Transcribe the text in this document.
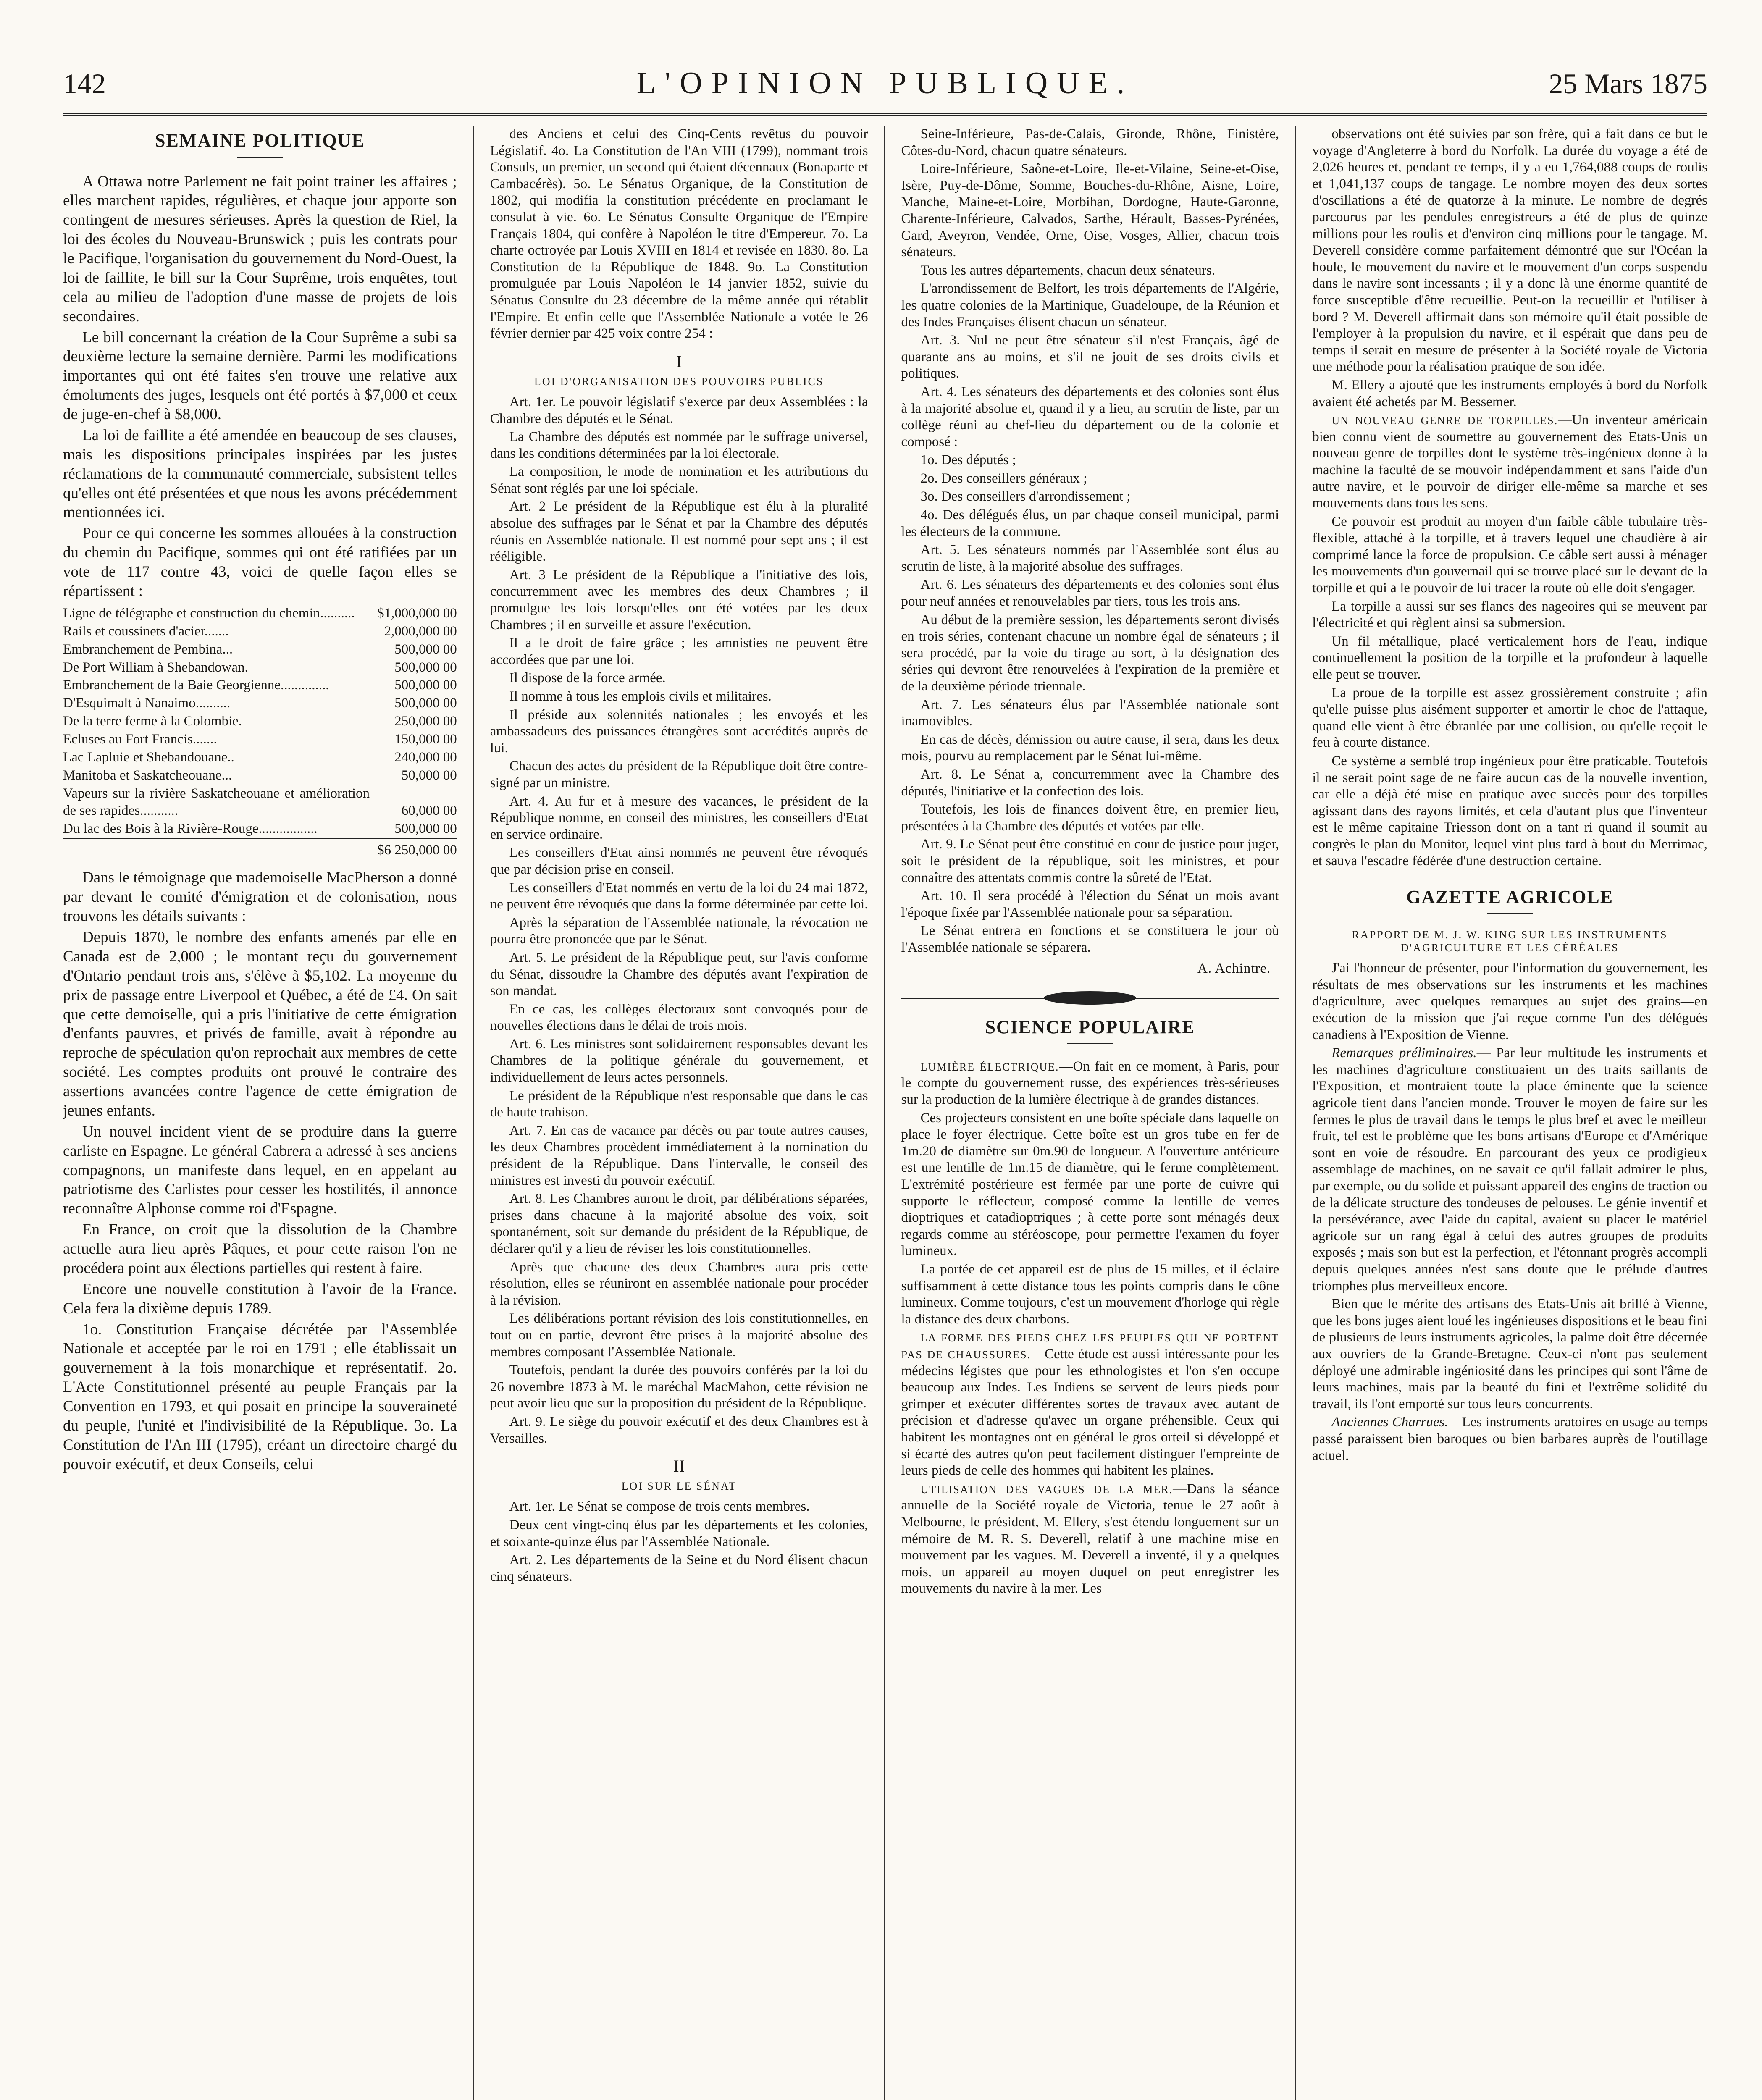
142	L'OPINION PUBLIQUE.	25 Mars 1875
SEMAINE POLITIQUE

A Ottawa notre Parlement ne fait point trainer les affaires ; elles marchent rapides, régulières, et chaque jour apporte son contingent de mesures sérieuses. Après la question de Riel, la loi des écoles du Nouveau-Brunswick ; puis les contrats pour le Pacifique, l'organisation du gouvernement du Nord-Ouest, la loi de faillite, le bill sur la Cour Suprême, trois enquêtes, tout cela au milieu de l'adoption d'une masse de projets de lois secondaires.

Le bill concernant la création de la Cour Suprême a subi sa deuxième lecture la semaine dernière. Parmi les modifications importantes qui ont été faites s'en trouve une relative aux émoluments des juges, lesquels ont été portés à $7,000 et ceux de juge-en-chef à $8,000.

La loi de faillite a été amendée en beaucoup de ses clauses, mais les dispositions principales inspirées par les justes réclamations de la communauté commerciale, subsistent telles qu'elles ont été présentées et que nous les avons précédemment mentionnées ici.

Pour ce qui concerne les sommes allouées à la construction du chemin du Pacifique, sommes qui ont été ratifiées par un vote de 117 contre 43, voici de quelle façon elles se répartissent :

Ligne de télégraphe et construction du chemin..........	$1,000,000 00
Rails et coussinets d'acier.......	2,000,000 00
Embranchement de Pembina...	500,000 00
De Port William à Shebandowan.	500,000 00
Embranchement de la Baie Georgienne..............	500,000 00
D'Esquimalt à Nanaimo..........	500,000 00
De la terre ferme à la Colombie.	250,000 00
Ecluses au Fort Francis.......	150,000 00
Lac Lapluie et Shebandouane..	240,000 00
Manitoba et Saskatcheouane...	50,000 00
Vapeurs sur la rivière Saskatcheouane et amélioration de ses rapides...........	60,000 00
Du lac des Bois à la Rivière-Rouge.................	500,000 00
	$6 250,000 00

Dans le témoignage que mademoiselle MacPherson a donné par devant le comité d'émigration et de colonisation, nous trouvons les détails suivants :

Depuis 1870, le nombre des enfants amenés par elle en Canada est de 2,000 ; le montant reçu du gouvernement d'Ontario pendant trois ans, s'élève à $5,102. La moyenne du prix de passage entre Liverpool et Québec, a été de £4. On sait que cette demoiselle, qui a pris l'initiative de cette émigration d'enfants pauvres, et privés de famille, avait à répondre au reproche de spéculation qu'on reprochait aux membres de cette société. Les comptes produits ont prouvé le contraire des assertions avancées contre l'agence de cette émigration de jeunes enfants.

Un nouvel incident vient de se produire dans la guerre carliste en Espagne. Le général Cabrera a adressé à ses anciens compagnons, un manifeste dans lequel, en en appelant au patriotisme des Carlistes pour cesser les hostilités, il annonce reconnaître Alphonse comme roi d'Espagne.

En France, on croit que la dissolution de la Chambre actuelle aura lieu après Pâques, et pour cette raison l'on ne procédera point aux élections partielles qui restent à faire.

Encore une nouvelle constitution à l'avoir de la France. Cela fera la dixième depuis 1789.

1o. Constitution Française décrétée par l'Assemblée Nationale et acceptée par le roi en 1791 ; elle établissait un gouvernement à la fois monarchique et représentatif. 2o. L'Acte Constitutionnel présenté au peuple Français par la Convention en 1793, et qui posait en principe la souveraineté du peuple, l'unité et l'indivisibilité de la République. 3o. La Constitution de l'An III (1795), créant un directoire chargé du pouvoir exécutif, et deux Conseils, celui

des Anciens et celui des Cinq-Cents revêtus du pouvoir Législatif. 4o. La Constitution de l'An VIII (1799), nommant trois Consuls, un premier, un second qui étaient décennaux (Bonaparte et Cambacérès). 5o. Le Sénatus Organique, de la Constitution de 1802, qui modifia la constitution précédente en proclamant le consulat à vie. 6o. Le Sénatus Consulte Organique de l'Empire Français 1804, qui confère à Napoléon le titre d'Empereur. 7o. La charte octroyée par Louis XVIII en 1814 et revisée en 1830. 8o. La Constitution de la République de 1848. 9o. La Constitution promulguée par Louis Napoléon le 14 janvier 1852, suivie du Sénatus Consulte du 23 décembre de la même année qui rétablit l'Empire. Et enfin celle que l'Assemblée Nationale a votée le 26 février dernier par 425 voix contre 254 :

I
LOI D'ORGANISATION DES POUVOIRS PUBLICS

Art. 1er. Le pouvoir législatif s'exerce par deux Assemblées : la Chambre des députés et le Sénat.

La Chambre des députés est nommée par le suffrage universel, dans les conditions déterminées par la loi électorale.

La composition, le mode de nomination et les attributions du Sénat sont réglés par une loi spéciale.

Art. 2 Le président de la République est élu à la pluralité absolue des suffrages par le Sénat et par la Chambre des députés réunis en Assemblée nationale. Il est nommé pour sept ans ; il est rééligible.

Art. 3 Le président de la République a l'initiative des lois, concurremment avec les membres des deux Chambres ; il promulgue les lois lorsqu'elles ont été votées par les deux Chambres ; il en surveille et assure l'exécution.

Il a le droit de faire grâce ; les amnisties ne peuvent être accordées que par une loi.

Il dispose de la force armée.

Il nomme à tous les emplois civils et militaires.

Il préside aux solennités nationales ; les envoyés et les ambassadeurs des puissances étrangères sont accrédités auprès de lui.

Chacun des actes du président de la République doit être contre-signé par un ministre.

Art. 4. Au fur et à mesure des vacances, le président de la République nomme, en conseil des ministres, les conseillers d'Etat en service ordinaire.

Les conseillers d'Etat ainsi nommés ne peuvent être révoqués que par décision prise en conseil.

Les conseillers d'Etat nommés en vertu de la loi du 24 mai 1872, ne peuvent être révoqués que dans la forme déterminée par cette loi.

Après la séparation de l'Assemblée nationale, la révocation ne pourra être prononcée que par le Sénat.

Art. 5. Le président de la République peut, sur l'avis conforme du Sénat, dissoudre la Chambre des députés avant l'expiration de son mandat.

En ce cas, les collèges électoraux sont convoqués pour de nouvelles élections dans le délai de trois mois.

Art. 6. Les ministres sont solidairement responsables devant les Chambres de la politique générale du gouvernement, et individuellement de leurs actes personnels.

Le président de la République n'est responsable que dans le cas de haute trahison.

Art. 7. En cas de vacance par décès ou par toute autres causes, les deux Chambres procèdent immédiatement à la nomination du président de la République. Dans l'intervalle, le conseil des ministres est investi du pouvoir exécutif.

Art. 8. Les Chambres auront le droit, par délibérations séparées, prises dans chacune à la majorité absolue des voix, soit spontanément, soit sur demande du président de la République, de déclarer qu'il y a lieu de réviser les lois constitutionnelles.

Après que chacune des deux Chambres aura pris cette résolution, elles se réuniront en assemblée nationale pour procéder à la révision.

Les délibérations portant révision des lois constitutionnelles, en tout ou en partie, devront être prises à la majorité absolue des membres composant l'Assemblée Nationale.

Toutefois, pendant la durée des pouvoirs conférés par la loi du 26 novembre 1873 à M. le maréchal MacMahon, cette révision ne peut avoir lieu que sur la proposition du président de la République.

Art. 9. Le siège du pouvoir exécutif et des deux Chambres est à Versailles.

II
LOI SUR LE SÉNAT

Art. 1er. Le Sénat se compose de trois cents membres.

Deux cent vingt-cinq élus par les départements et les colonies, et soixante-quinze élus par l'Assemblée Nationale.

Art. 2. Les départements de la Seine et du Nord élisent chacun cinq sénateurs.

Seine-Inférieure, Pas-de-Calais, Gironde, Rhône, Finistère, Côtes-du-Nord, chacun quatre sénateurs.

Loire-Inférieure, Saône-et-Loire, Ile-et-Vilaine, Seine-et-Oise, Isère, Puy-de-Dôme, Somme, Bouches-du-Rhône, Aisne, Loire, Manche, Maine-et-Loire, Morbihan, Dordogne, Haute-Garonne, Charente-Inférieure, Calvados, Sarthe, Hérault, Basses-Pyrénées, Gard, Aveyron, Vendée, Orne, Oise, Vosges, Allier, chacun trois sénateurs.

Tous les autres départements, chacun deux sénateurs.

L'arrondissement de Belfort, les trois départements de l'Algérie, les quatre colonies de la Martinique, Guadeloupe, de la Réunion et des Indes Françaises élisent chacun un sénateur.

Art. 3. Nul ne peut être sénateur s'il n'est Français, âgé de quarante ans au moins, et s'il ne jouit de ses droits civils et politiques.

Art. 4. Les sénateurs des départements et des colonies sont élus à la majorité absolue et, quand il y a lieu, au scrutin de liste, par un collège réuni au chef-lieu du département ou de la colonie et composé :

1o. Des députés ;

2o. Des conseillers généraux ;

3o. Des conseillers d'arrondissement ;

4o. Des délégués élus, un par chaque conseil municipal, parmi les électeurs de la commune.

Art. 5. Les sénateurs nommés par l'Assemblée sont élus au scrutin de liste, à la majorité absolue des suffrages.

Art. 6. Les sénateurs des départements et des colonies sont élus pour neuf années et renouvelables par tiers, tous les trois ans.

Au début de la première session, les départements seront divisés en trois séries, contenant chacune un nombre égal de sénateurs ; il sera procédé, par la voie du tirage au sort, à la désignation des séries qui devront être renouvelées à l'expiration de la première et de la deuxième période triennale.

Art. 7. Les sénateurs élus par l'Assemblée nationale sont inamovibles.

En cas de décès, démission ou autre cause, il sera, dans les deux mois, pourvu au remplacement par le Sénat lui-même.

Art. 8. Le Sénat a, concurremment avec la Chambre des députés, l'initiative et la confection des lois.

Toutefois, les lois de finances doivent être, en premier lieu, présentées à la Chambre des députés et votées par elle.

Art. 9. Le Sénat peut être constitué en cour de justice pour juger, soit le président de la république, soit les ministres, et pour connaître des attentats commis contre la sûreté de l'Etat.

Art. 10. Il sera procédé à l'élection du Sénat un mois avant l'époque fixée par l'Assemblée nationale pour sa séparation.

Le Sénat entrera en fonctions et se constituera le jour où l'Assemblée nationale se séparera.

A. Achintre.
SCIENCE POPULAIRE

LUMIÈRE ÉLECTRIQUE.—On fait en ce moment, à Paris, pour le compte du gouvernement russe, des expériences très-sérieuses sur la production de la lumière électrique à de grandes distances.

Ces projecteurs consistent en une boîte spéciale dans laquelle on place le foyer électrique. Cette boîte est un gros tube en fer de 1m.20 de diamètre sur 0m.90 de longueur. A l'ouverture antérieure est une lentille de 1m.15 de diamètre, qui le ferme complètement. L'extrémité postérieure est fermée par une porte de cuivre qui supporte le réflecteur, composé comme la lentille de verres dioptriques et catadioptriques ; à cette porte sont ménagés deux regards comme au stéréoscope, pour permettre l'examen du foyer lumineux.

La portée de cet appareil est de plus de 15 milles, et il éclaire suffisamment à cette distance tous les points compris dans le cône lumineux. Comme toujours, c'est un mouvement d'horloge qui règle la distance des deux charbons.

LA FORME DES PIEDS CHEZ LES PEUPLES QUI NE PORTENT PAS DE CHAUSSURES.—Cette étude est aussi intéressante pour les médecins légistes que pour les ethnologistes et l'on s'en occupe beaucoup aux Indes. Les Indiens se servent de leurs pieds pour grimper et exécuter différentes sortes de travaux avec autant de précision et d'adresse qu'avec un organe préhensible. Ceux qui habitent les montagnes ont en général le gros orteil si développé et si écarté des autres qu'on peut facilement distinguer l'empreinte de leurs pieds de celle des hommes qui habitent les plaines.

UTILISATION DES VAGUES DE LA MER.—Dans la séance annuelle de la Société royale de Victoria, tenue le 27 août à Melbourne, le président, M. Ellery, s'est étendu longuement sur un mémoire de M. R. S. Deverell, relatif à une machine mise en mouvement par les vagues. M. Deverell a inventé, il y a quelques mois, un appareil au moyen duquel on peut enregistrer les mouvements du navire à la mer. Les

observations ont été suivies par son frère, qui a fait dans ce but le voyage d'Angleterre à bord du Norfolk. La durée du voyage a été de 2,026 heures et, pendant ce temps, il y a eu 1,764,088 coups de roulis et 1,041,137 coups de tangage. Le nombre moyen des deux sortes d'oscillations a été de quatorze à la minute. Le nombre de degrés parcourus par les pendules enregistreurs a été de plus de quinze millions pour les roulis et d'environ cinq millions pour le tangage. M. Deverell considère comme parfaitement démontré que sur l'Océan la houle, le mouvement du navire et le mouvement d'un corps suspendu dans le navire sont incessants ; il y a donc là une énorme quantité de force susceptible d'être recueillie. Peut-on la recueillir et l'utiliser à bord ? M. Deverell affirmait dans son mémoire qu'il était possible de l'employer à la propulsion du navire, et il espérait que dans peu de temps il serait en mesure de présenter à la Société royale de Victoria une méthode pour la réalisation pratique de son idée.

M. Ellery a ajouté que les instruments employés à bord du Norfolk avaient été achetés par M. Bessemer.

UN NOUVEAU GENRE DE TORPILLES.—Un inventeur américain bien connu vient de soumettre au gouvernement des Etats-Unis un nouveau genre de torpilles dont le système très-ingénieux donne à la machine la faculté de se mouvoir indépendamment et sans l'aide d'un autre navire, et le pouvoir de diriger elle-même sa marche et ses mouvements dans tous les sens.

Ce pouvoir est produit au moyen d'un faible câble tubulaire très-flexible, attaché à la torpille, et à travers lequel une chaudière à air comprimé lance la force de propulsion. Ce câble sert aussi à ménager les mouvements d'un gouvernail qui se trouve placé sur le devant de la torpille et qui a le pouvoir de lui tracer la route où elle doit s'engager.

La torpille a aussi sur ses flancs des nageoires qui se meuvent par l'électricité et qui règlent ainsi sa submersion.

Un fil métallique, placé verticalement hors de l'eau, indique continuellement la position de la torpille et la profondeur à laquelle elle peut se trouver.

La proue de la torpille est assez grossièrement construite ; afin qu'elle puisse plus aisément supporter et amortir le choc de l'attaque, quand elle vient à être ébranlée par une collision, ou qu'elle reçoit le feu à courte distance.

Ce système a semblé trop ingénieux pour être praticable. Toutefois il ne serait point sage de ne faire aucun cas de la nouvelle invention, car elle a déjà été mise en pratique avec succès pour des torpilles agissant dans des rayons limités, et cela d'autant plus que l'inventeur est le même capitaine Triesson dont on a tant ri quand il soumit au congrès le plan du Monitor, lequel vint plus tard à bout du Merrimac, et sauva l'escadre fédérée d'une destruction certaine.

GAZETTE AGRICOLE
RAPPORT DE M. J. W. KING SUR LES INSTRUMENTS D'AGRICULTURE ET LES CÉRÉALES

J'ai l'honneur de présenter, pour l'information du gouvernement, les résultats de mes observations sur les instruments et les machines d'agriculture, avec quelques remarques au sujet des grains—en exécution de la mission que j'ai reçue comme l'un des délégués canadiens à l'Exposition de Vienne.

Remarques préliminaires.— Par leur multitude les instruments et les machines d'agriculture constituaient un des traits saillants de l'Exposition, et montraient toute la place éminente que la science agricole tient dans l'ancien monde. Trouver le moyen de faire sur les fermes le plus de travail dans le temps le plus bref et avec le meilleur fruit, tel est le problème que les bons artisans d'Europe et d'Amérique sont en voie de résoudre. En parcourant des yeux ce prodigieux assemblage de machines, on ne savait ce qu'il fallait admirer le plus, par exemple, ou du solide et puissant appareil des engins de traction ou de la délicate structure des tondeuses de pelouses. Le génie inventif et la persévérance, avec l'aide du capital, avaient su placer le matériel agricole sur un rang égal à celui des autres groupes de produits exposés ; mais son but est la perfection, et l'étonnant progrès accompli depuis quelques années n'est sans doute que le prélude d'autres triomphes plus merveilleux encore.

Bien que le mérite des artisans des Etats-Unis ait brillé à Vienne, que les bons juges aient loué les ingénieuses dispositions et le beau fini de plusieurs de leurs instruments agricoles, la palme doit être décernée aux ouvriers de la Grande-Bretagne. Ceux-ci n'ont pas seulement déployé une admirable ingéniosité dans les principes qui sont l'âme de leurs machines, mais par la beauté du fini et l'extrême solidité du travail, ils l'ont emporté sur tous leurs concurrents.

Anciennes Charrues.—Les instruments aratoires en usage au temps passé paraissent bien baroques ou bien barbares auprès de l'outillage actuel.
